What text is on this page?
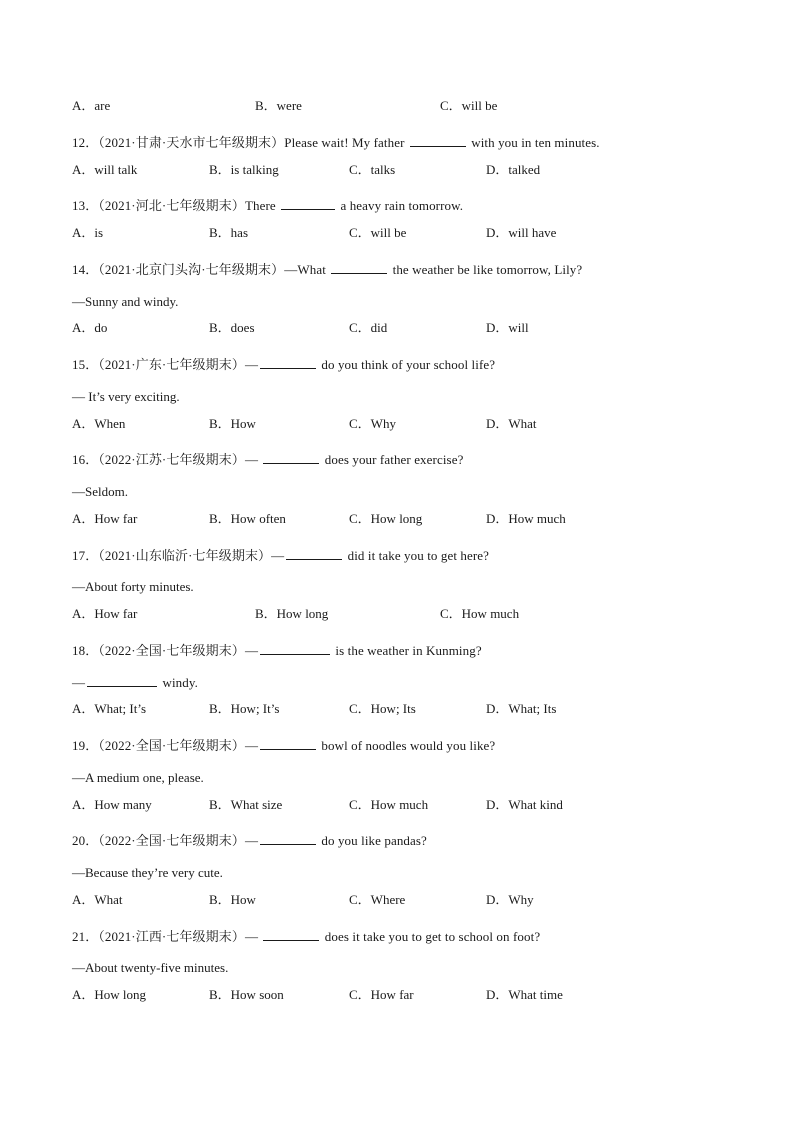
A．are	B．were	C．will be
12．（2021·甘肃·天水市七年级期末）Please wait! My father	with you in ten minutes.
A．will talk	B．is talking	C．talks	D．talked
13．（2021·河北·七年级期末）There	a heavy rain tomorrow.
A．is	B．has	C．will be	D．will have
14．（2021·北京门头沟·七年级期末）—What	the weather be like tomorrow, Lily?
—Sunny and windy.
A．do	B．does	C．did	D．will
15．（2021·广东·七年级期末）—	do you think of your school life?
— It’s very exciting.
A．When	B．How	C．Why	D．What
16．（2022·江苏·七年级期末）—	does your father exercise?
—Seldom.
A．How far	B．How often	C．How long	D．How much
17．（2021·山东临沂·七年级期末）—	did it take you to get here?
—About forty minutes.
A．How far	B．How long	C．How much
18．（2022·全国·七年级期末）—	is the weather in Kunming?
—	windy.
A．What; It’s	B．How; It’s	C．How; Its	D．What; Its
19．（2022·全国·七年级期末）—	bowl of noodles would you like?
—A medium one, please.
A．How many	B．What size	C．How much	D．What kind
20．（2022·全国·七年级期末）—	do you like pandas?
—Because they’re very cute.
A．What	B．How	C．Where	D．Why
21．（2021·江西·七年级期末）—	does it take you to get to school on foot?
—About twenty-five minutes.
A．How long	B．How soon	C．How far	D．What time
